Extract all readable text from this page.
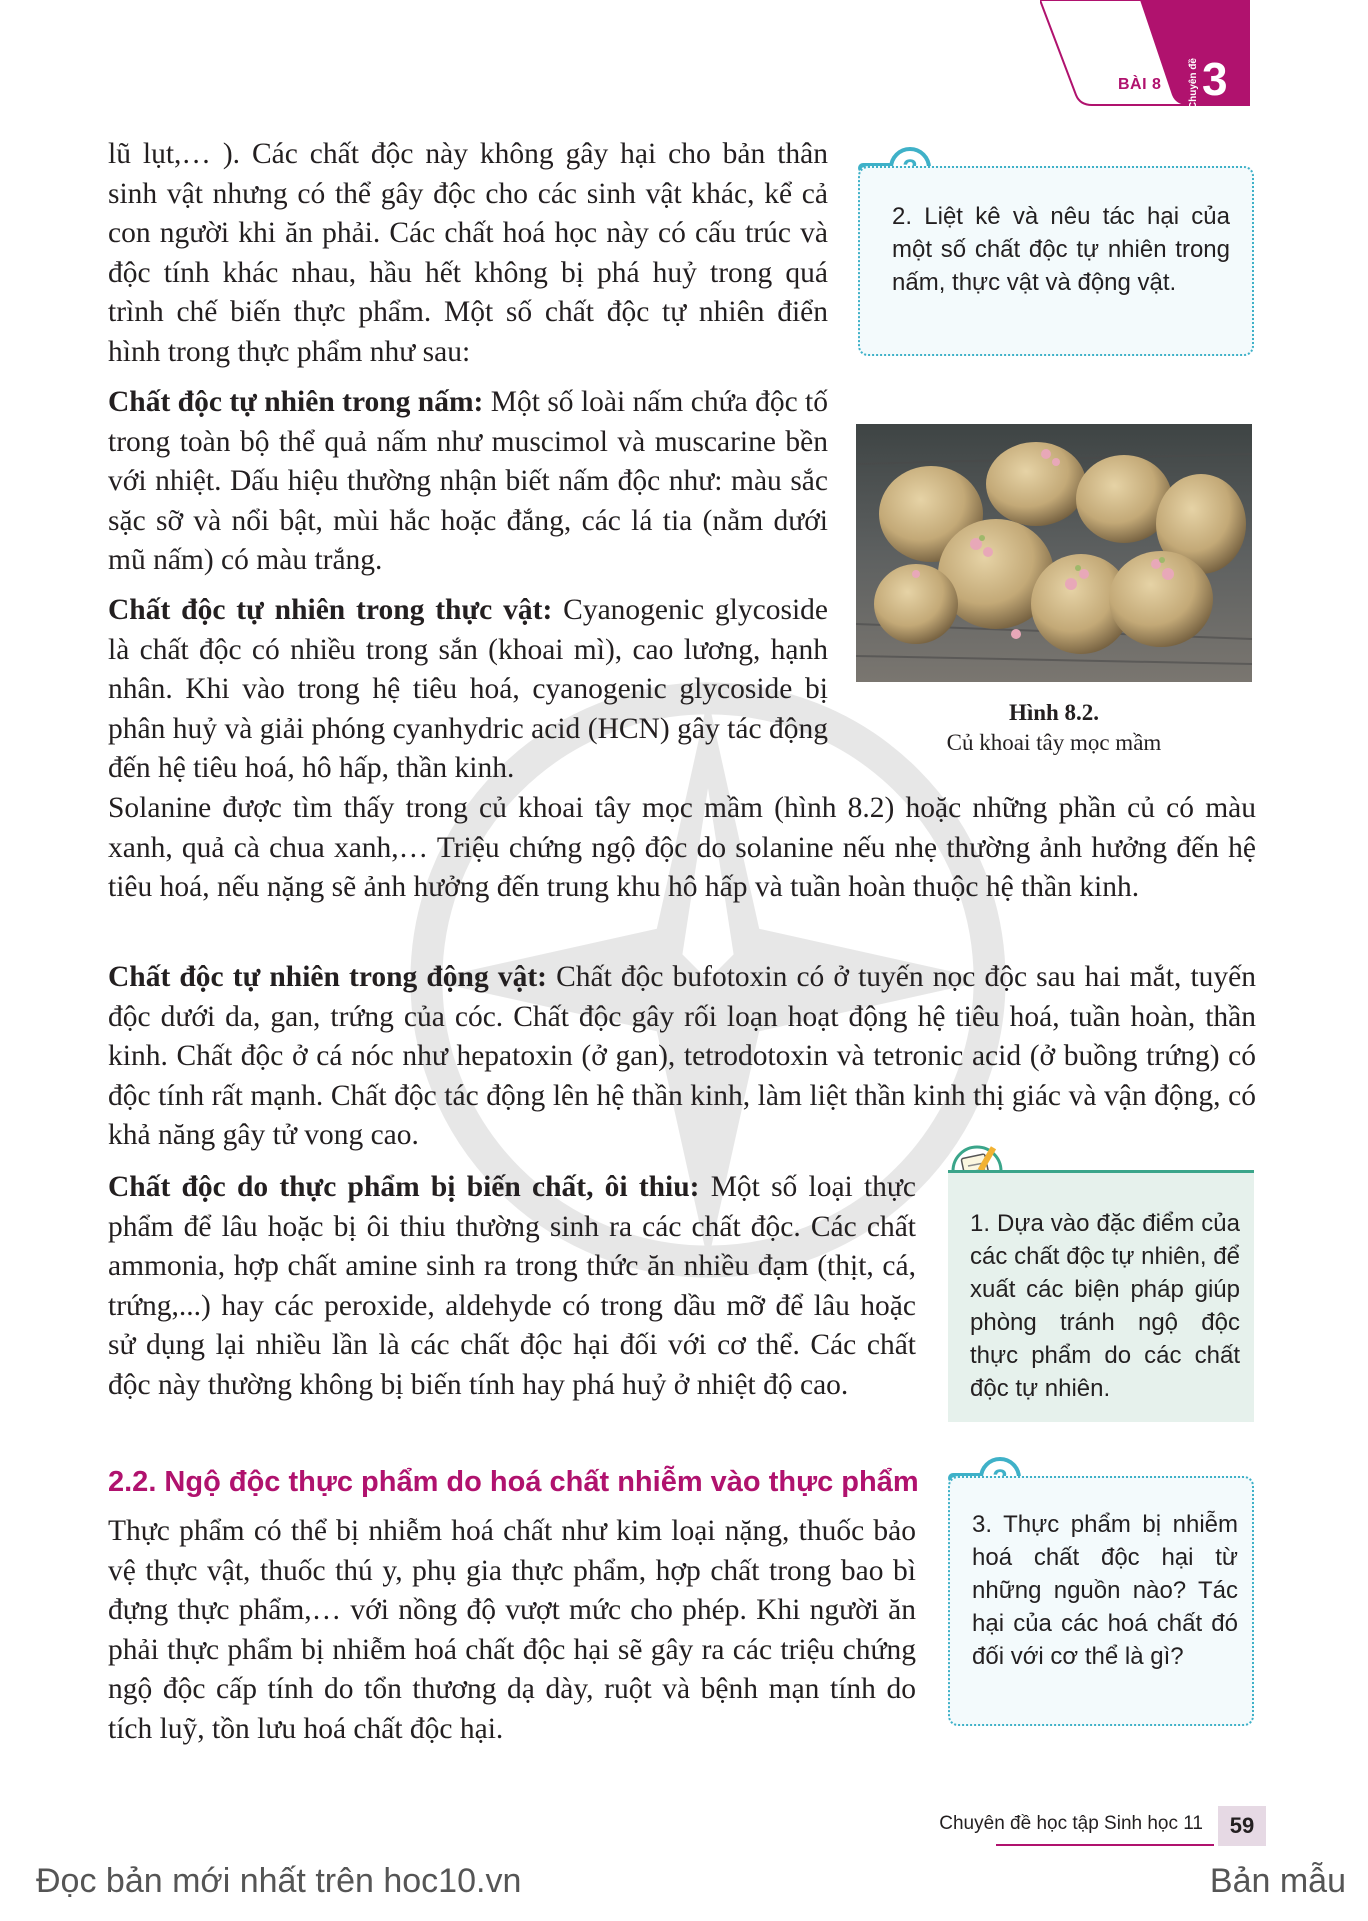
BÀI 8	Chuyên đề 3

lũ lụt,… ). Các chất độc này không gây hại cho bản thân sinh vật nhưng có thể gây độc cho các sinh vật khác, kể cả con người khi ăn phải. Các chất hoá học này có cấu trúc và độc tính khác nhau, hầu hết không bị phá huỷ trong quá trình chế biến thực phẩm. Một số chất độc tự nhiên điển hình trong thực phẩm như sau:

Chất độc tự nhiên trong nấm: Một số loài nấm chứa độc tố trong toàn bộ thể quả nấm như muscimol và muscarine bền với nhiệt. Dấu hiệu thường nhận biết nấm độc như: màu sắc sặc sỡ và nổi bật, mùi hắc hoặc đắng, các lá tia (nằm dưới mũ nấm) có màu trắng.

Chất độc tự nhiên trong thực vật: Cyanogenic glycoside là chất độc có nhiều trong sắn (khoai mì), cao lương, hạnh nhân. Khi vào trong hệ tiêu hoá, cyanogenic glycoside bị phân huỷ và giải phóng cyanhydric acid (HCN) gây tác động đến hệ tiêu hoá, hô hấp, thần kinh.

Solanine được tìm thấy trong củ khoai tây mọc mầm (hình 8.2) hoặc những phần củ có màu xanh, quả cà chua xanh,… Triệu chứng ngộ độc do solanine nếu nhẹ thường ảnh hưởng đến hệ tiêu hoá, nếu nặng sẽ ảnh hưởng đến trung khu hô hấp và tuần hoàn thuộc hệ thần kinh.

Chất độc tự nhiên trong động vật: Chất độc bufotoxin có ở tuyến nọc độc sau hai mắt, tuyến độc dưới da, gan, trứng của cóc. Chất độc gây rối loạn hoạt động hệ tiêu hoá, tuần hoàn, thần kinh. Chất độc ở cá nóc như hepatoxin (ở gan), tetrodotoxin và tetronic acid (ở buồng trứng) có độc tính rất mạnh. Chất độc tác động lên hệ thần kinh, làm liệt thần kinh thị giác và vận động, có khả năng gây tử vong cao.

Chất độc do thực phẩm bị biến chất, ôi thiu: Một số loại thực phẩm để lâu hoặc bị ôi thiu thường sinh ra các chất độc. Các chất ammonia, hợp chất amine sinh ra trong thức ăn nhiều đạm (thịt, cá, trứng,...) hay các peroxide, aldehyde có trong dầu mỡ để lâu hoặc sử dụng lại nhiều lần là các chất độc hại đối với cơ thể. Các chất độc này thường không bị biến tính hay phá huỷ ở nhiệt độ cao.

2.2. Ngộ độc thực phẩm do hoá chất nhiễm vào thực phẩm

Thực phẩm có thể bị nhiễm hoá chất như kim loại nặng, thuốc bảo vệ thực vật, thuốc thú y, phụ gia thực phẩm, hợp chất trong bao bì đựng thực phẩm,… với nồng độ vượt mức cho phép. Khi người ăn phải thực phẩm bị nhiễm hoá chất độc hại sẽ gây ra các triệu chứng ngộ độc cấp tính do tổn thương dạ dày, ruột và bệnh mạn tính do tích luỹ, tồn lưu hoá chất độc hại.

2. Liệt kê và nêu tác hại của một số chất độc tự nhiên trong nấm, thực vật và động vật.
Hình 8.2.
Củ khoai tây mọc mầm
1. Dựa vào đặc điểm của các chất độc tự nhiên, để xuất các biện pháp giúp phòng tránh ngộ độc thực phẩm do các chất độc tự nhiên.
3. Thực phẩm bị nhiễm hoá chất độc hại từ những nguồn nào? Tác hại của các hoá chất đó đối với cơ thể là gì?
Chuyên đề học tập Sinh học 11	59
Đọc bản mới nhất trên hoc10.vn	Bản mẫu
